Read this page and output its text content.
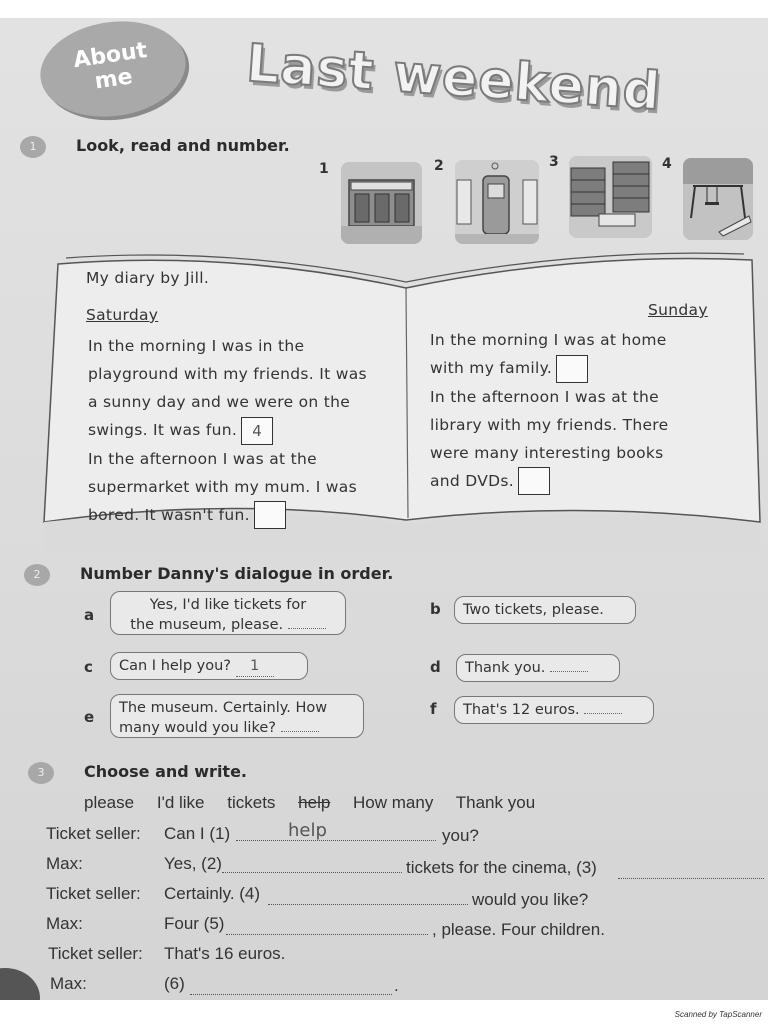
About
me	Last weekend
1	Look, read and number.
1	2	3	4
My diary by Jill.
Saturday
In the morning I was in the
playground with my friends. It was
a sunny day and we were on the
swings. It was fun. 4
In the afternoon I was at the
supermarket with my mum. I was
bored. It wasn't fun.
Sunday
In the morning I was at home
with my family.
In the afternoon I was at the
library with my friends. There
were many interesting books
and DVDs.
2	Number Danny's dialogue in order.
a
Yes, I'd like tickets for
the museum, please.
b	Two tickets, please.
c	Can I help you? 1	d	Thank you.
e The museum. Certainly. How
many would you like?
f	That's 12 euros.
3	Choose and write.
please I'd like tickets help How many Thank you
Ticket seller: Can I (1)	help	you?
Max:	Yes, (2)	tickets for the cinema, (3)
Ticket seller: Certainly. (4)	would you like?
Max:	Four (5)	, please. Four children.
Ticket seller: That's 16 euros.
Max:	(6)	.
Scanned by TapScanner
